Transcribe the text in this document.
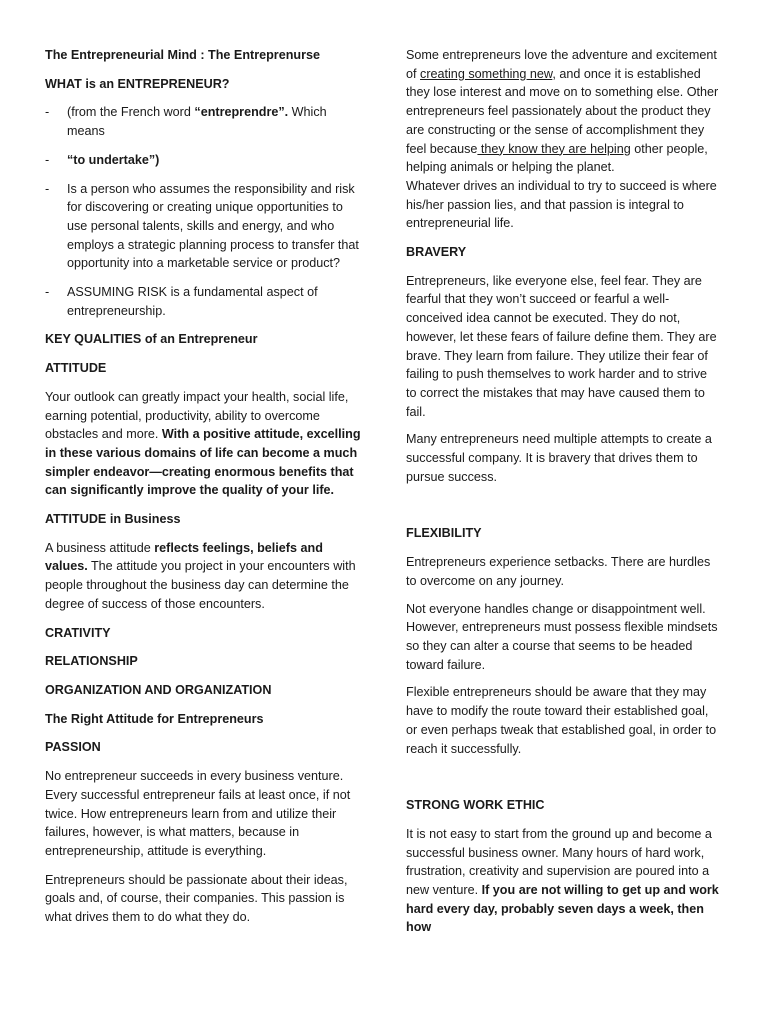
The Entrepreneurial Mind : The Entreprenurse

WHAT is an ENTREPRENEUR?

-	(from the French word “entreprendre”. Which means
-	“to undertake”)
-	Is a person who assumes the responsibility and risk for discovering or creating unique opportunities to use personal talents, skills and energy, and who employs a strategic planning process to transfer that opportunity into a marketable service or product?
-	ASSUMING RISK is a fundamental aspect of entrepreneurship.

KEY QUALITIES of an Entrepreneur

ATTITUDE

Your outlook can greatly impact your health, social life, earning potential, productivity, ability to overcome obstacles and more. With a positive attitude, excelling in these various domains of life can become a much simpler endeavor—creating enormous benefits that can significantly improve the quality of your life.

ATTITUDE in Business

A business attitude reflects feelings, beliefs and values. The attitude you project in your encounters with people throughout the business day can determine the degree of success of those encounters.

CRATIVITY

RELATIONSHIP

ORGANIZATION AND ORGANIZATION

The Right Attitude for Entrepreneurs

PASSION

No entrepreneur succeeds in every business venture. Every successful entrepreneur fails at least once, if not twice. How entrepreneurs learn from and utilize their failures, however, is what matters, because in entrepreneurship, attitude is everything.

Entrepreneurs should be passionate about their ideas, goals and, of course, their companies. This passion is what drives them to do what they do.

Some entrepreneurs love the adventure and excitement of creating something new, and once it is established they lose interest and move on to something else. Other entrepreneurs feel passionately about the product they are constructing or the sense of accomplishment they feel because they know they are helping other people, helping animals or helping the planet.

Whatever drives an individual to try to succeed is where his/her passion lies, and that passion is integral to entrepreneurial life.

BRAVERY

Entrepreneurs, like everyone else, feel fear. They are fearful that they won’t succeed or fearful a well-conceived idea cannot be executed. They do not, however, let these fears of failure define them. They are brave. They learn from failure. They utilize their fear of failing to push themselves to work harder and to strive to correct the mistakes that may have caused them to fail.

Many entrepreneurs need multiple attempts to create a successful company. It is bravery that drives them to pursue success.

FLEXIBILITY

Entrepreneurs experience setbacks. There are hurdles to overcome on any journey.

Not everyone handles change or disappointment well. However, entrepreneurs must possess flexible mindsets so they can alter a course that seems to be headed toward failure.

Flexible entrepreneurs should be aware that they may have to modify the route toward their established goal, or even perhaps tweak that established goal, in order to reach it successfully.

STRONG WORK ETHIC

It is not easy to start from the ground up and become a successful business owner. Many hours of hard work, frustration, creativity and supervision are poured into a new venture. If you are not willing to get up and work hard every day, probably seven days a week, then how
